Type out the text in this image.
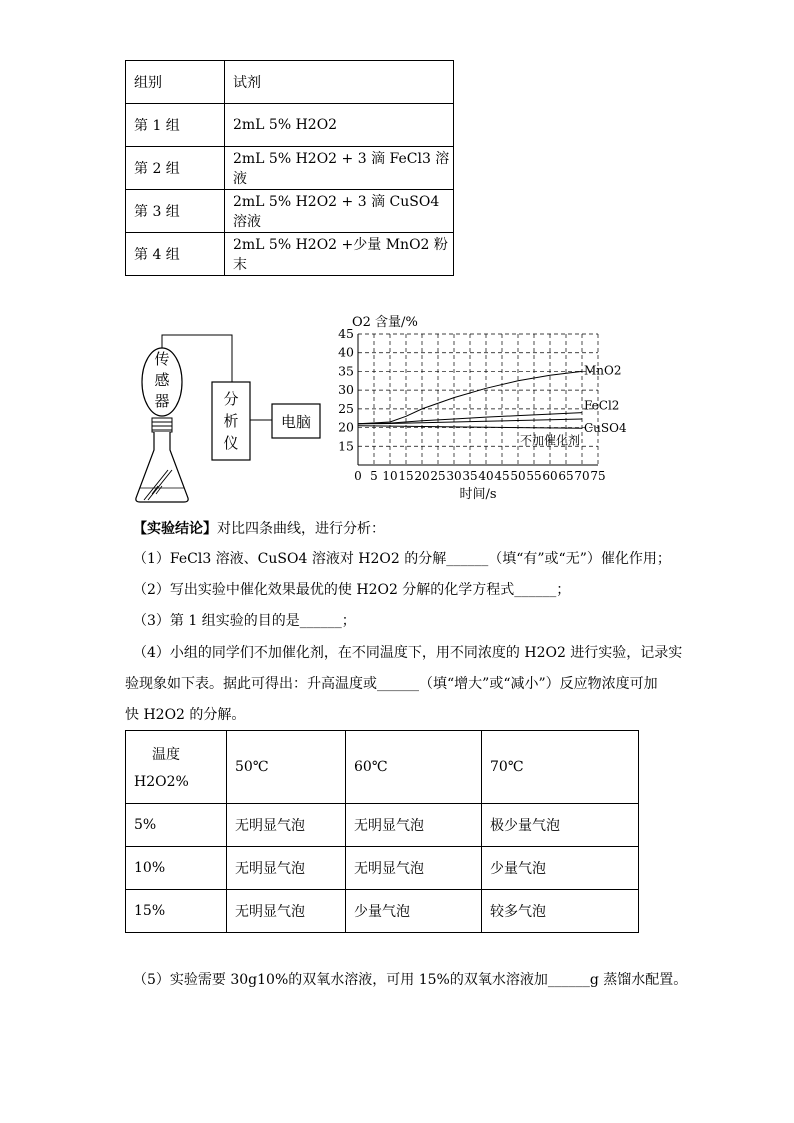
组别	试剂
第 1 组	2mL 5% H2O2
第 2 组	2mL 5% H2O2 + 3 滴 FeCl3 溶液
第 3 组	2mL 5% H2O2 + 3 滴 CuSO4 溶液
第 4 组	2mL 5% H2O2 +少量 MnO2 粉末
传
感
器	分
析
仪
电脑
O2 含量/%
15
20
25
30
35
40
45
0 5 10 15 20 25 30 35 40 45 50 55 60 65 70 75
时间/s
MnO2
FeCl2
CuSO4
不加催化剂
【实验结论】对比四条曲线，进行分析：
（1）FeCl3 溶液、CuSO4 溶液对 H2O2 的分解______（填“有”或“无”）催化作用；
（2）写出实验中催化效果最优的使 H2O2 分解的化学方程式______；
（3）第 1 组实验的目的是______；
（4）小组的同学们不加催化剂，在不同温度下，用不同浓度的 H2O2 进行实验，记录实
验现象如下表。据此可得出：升高温度或______（填“增大”或“减小”）反应物浓度可加
快 H2O2 的分解。
温度
H2O2%	50℃	60℃	70℃
5%	无明显气泡	无明显气泡	极少量气泡
10%	无明显气泡	无明显气泡	少量气泡
15%	无明显气泡	少量气泡	较多气泡
（5）实验需要 30g10%的双氧水溶液，可用 15%的双氧水溶液加______g 蒸馏水配置。
